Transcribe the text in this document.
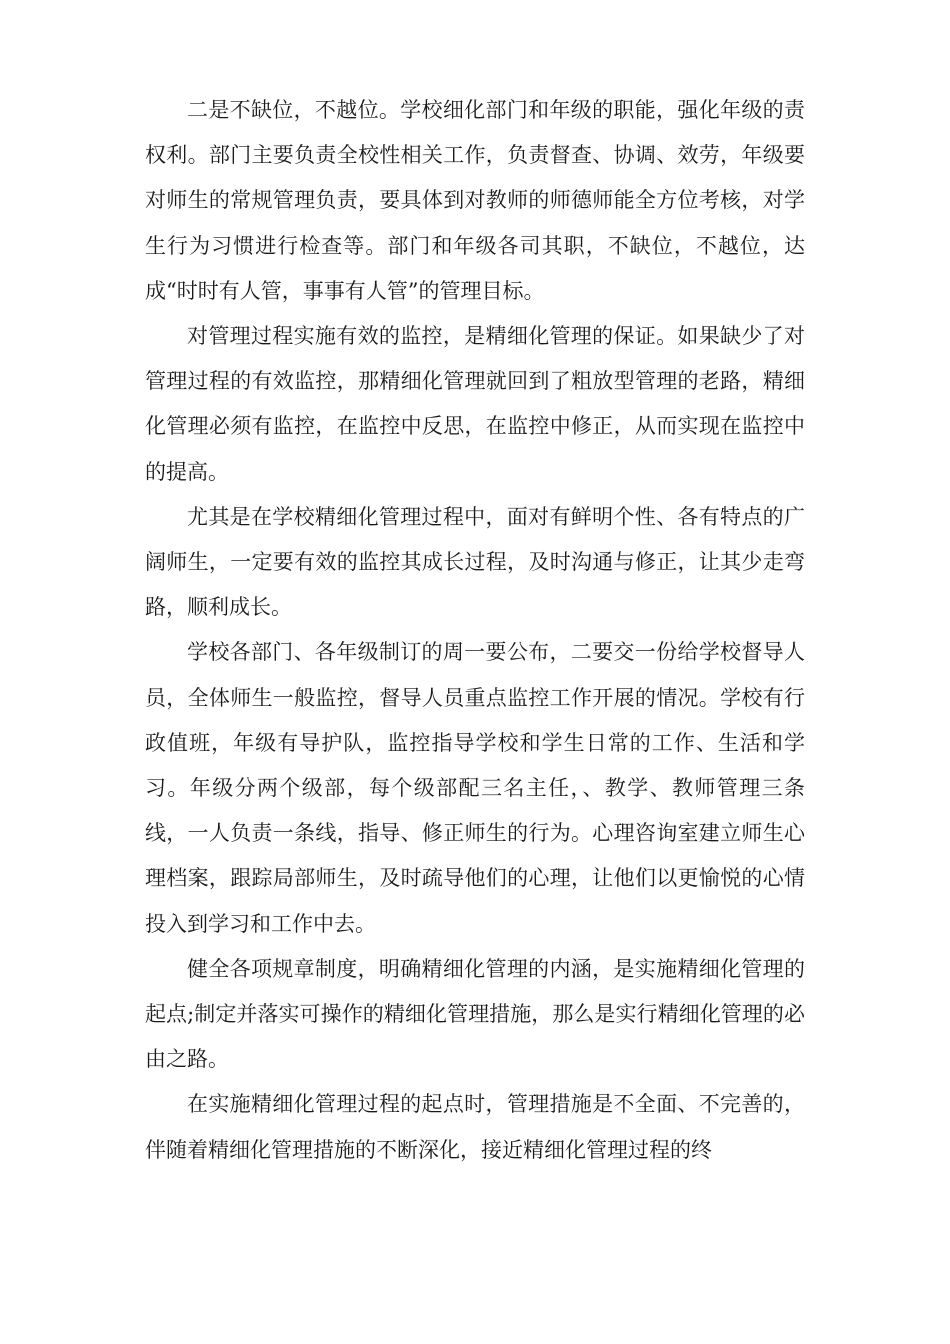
二是不缺位，不越位。学校细化部门和年级的职能，强化年级的责权利。部门主要负责全校性相关工作，负责督查、协调、效劳，年级要对师生的常规管理负责，要具体到对教师的师德师能全方位考核，对学生行为习惯进行检查等。部门和年级各司其职，不缺位，不越位，达成“时时有人管，事事有人管”的管理目标。

对管理过程实施有效的监控，是精细化管理的保证。如果缺少了对管理过程的有效监控，那精细化管理就回到了粗放型管理的老路，精细化管理必须有监控，在监控中反思，在监控中修正，从而实现在监控中的提高。

尤其是在学校精细化管理过程中，面对有鲜明个性、各有特点的广阔师生，一定要有效的监控其成长过程，及时沟通与修正，让其少走弯路，顺利成长。

学校各部门、各年级制订的周一要公布，二要交一份给学校督导人员，全体师生一般监控，督导人员重点监控工作开展的情况。学校有行政值班，年级有导护队，监控指导学校和学生日常的工作、生活和学习。年级分两个级部，每个级部配三名主任，、教学、教师管理三条线，一人负责一条线，指导、修正师生的行为。心理咨询室建立师生心理档案，跟踪局部师生，及时疏导他们的心理，让他们以更愉悦的心情投入到学习和工作中去。

健全各项规章制度，明确精细化管理的内涵，是实施精细化管理的起点;制定并落实可操作的精细化管理措施，那么是实行精细化管理的必由之路。

在实施精细化管理过程的起点时，管理措施是不全面、不完善的，伴随着精细化管理措施的不断深化，接近精细化管理过程的终
